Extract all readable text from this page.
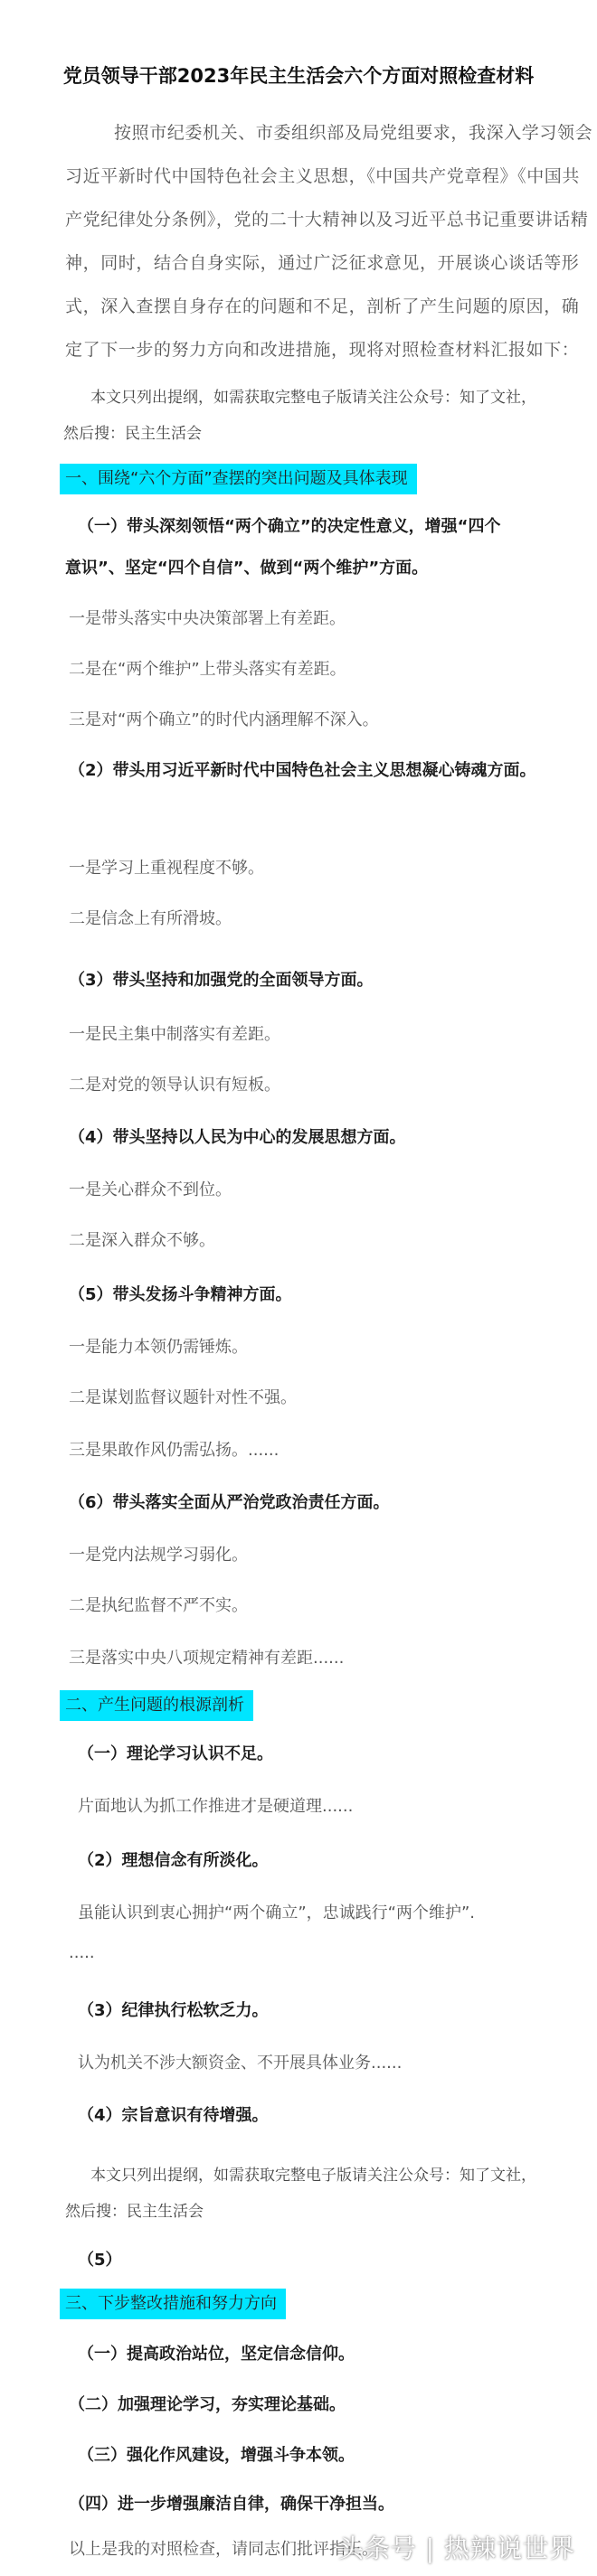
党员领导干部2023年民主生活会六个方面对照检查材料
按照市纪委机关、市委组织部及局党组要求，我深入学习领会
习近平新时代中国特色社会主义思想，《中国共产党章程》《中国共
产党纪律处分条例》，党的二十大精神以及习近平总书记重要讲话精
神，同时，结合自身实际，通过广泛征求意见，开展谈心谈话等形
式，深入查摆自身存在的问题和不足，剖析了产生问题的原因，确
定了下一步的努力方向和改进措施，现将对照检查材料汇报如下：
本文只列出提纲，如需获取完整电子版请关注公众号：知了文社，
然后搜：民主生活会
一、围绕“六个方面”查摆的突出问题及具体表现
（一）带头深刻领悟“两个确立”的决定性意义，增强“四个
意识”、坚定“四个自信”、做到“两个维护”方面。
一是带头落实中央决策部署上有差距。
二是在“两个维护”上带头落实有差距。
三是对“两个确立”的时代内涵理解不深入。
（2）带头用习近平新时代中国特色社会主义思想凝心铸魂方面。
一是学习上重视程度不够。
二是信念上有所滑坡。
（3）带头坚持和加强党的全面领导方面。
一是民主集中制落实有差距。
二是对党的领导认识有短板。
（4）带头坚持以人民为中心的发展思想方面。
一是关心群众不到位。
二是深入群众不够。
（5）带头发扬斗争精神方面。
一是能力本领仍需锤炼。
二是谋划监督议题针对性不强。
三是果敢作风仍需弘扬。......
（6）带头落实全面从严治党政治责任方面。
一是党内法规学习弱化。
二是执纪监督不严不实。
三是落实中央八项规定精神有差距......
二、产生问题的根源剖析
（一）理论学习认识不足。
片面地认为抓工作推进才是硬道理......
（2）理想信念有所淡化。
虽能认识到衷心拥护“两个确立”，忠诚践行“两个维护”.
.....
（3）纪律执行松软乏力。
认为机关不涉大额资金、不开展具体业务......
（4）宗旨意识有待增强。
本文只列出提纲，如需获取完整电子版请关注公众号：知了文社，
然后搜：民主生活会
（5）
三、下步整改措施和努力方向
（一）提高政治站位，坚定信念信仰。
（二）加强理论学习，夯实理论基础。
（三）强化作风建设，增强斗争本领。
（四）进一步增强廉洁自律，确保干净担当。
以上是我的对照检查，请同志们批评指正。
头条号 | 热辣说世界
